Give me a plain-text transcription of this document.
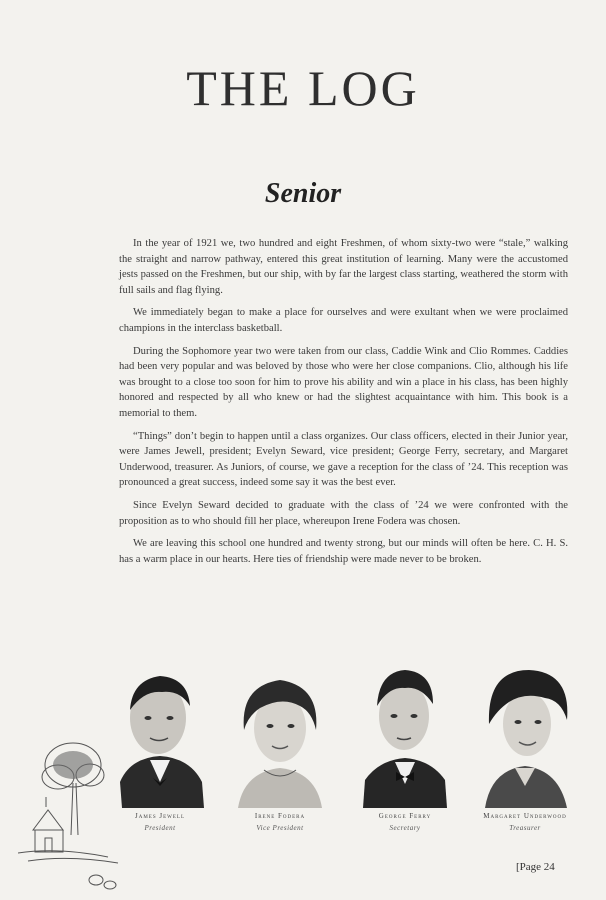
THE LOG
Senior

In the year of 1921 we, two hundred and eight Freshmen, of whom sixty-two were “stale,” walking the straight and narrow pathway, entered this great institution of learning. Many were the accustomed jests passed on the Freshmen, but our ship, with by far the largest class starting, weathered the storm with full sails and flag flying.

We immediately began to make a place for ourselves and were exultant when we were proclaimed champions in the interclass basketball.

During the Sophomore year two were taken from our class, Caddie Wink and Clio Rommes. Caddies had been very popular and was beloved by those who were her close companions. Clio, although his life was brought to a close too soon for him to prove his ability and win a place in his class, has been highly honored and respected by all who knew or had the slightest acquaintance with him. This book is a memorial to them.

“Things” don’t begin to happen until a class organizes. Our class officers, elected in their Junior year, were James Jewell, president; Evelyn Seward, vice president; George Ferry, secretary, and Margaret Underwood, treasurer. As Juniors, of course, we gave a reception for the class of ’24. This reception was pronounced a great success, indeed some say it was the best ever.

Since Evelyn Seward decided to graduate with the class of ’24 we were confronted with the proposition as to who should fill her place, whereupon Irene Fodera was chosen.

We are leaving this school one hundred and twenty strong, but our minds will often be here. C. H. S. has a warm place in our hearts. Here ties of friendship were made never to be broken.

James Jewell
President
Irene Fodera
Vice President
George Ferry
Secretary
Margaret Underwood
Treasurer
[Page 24
